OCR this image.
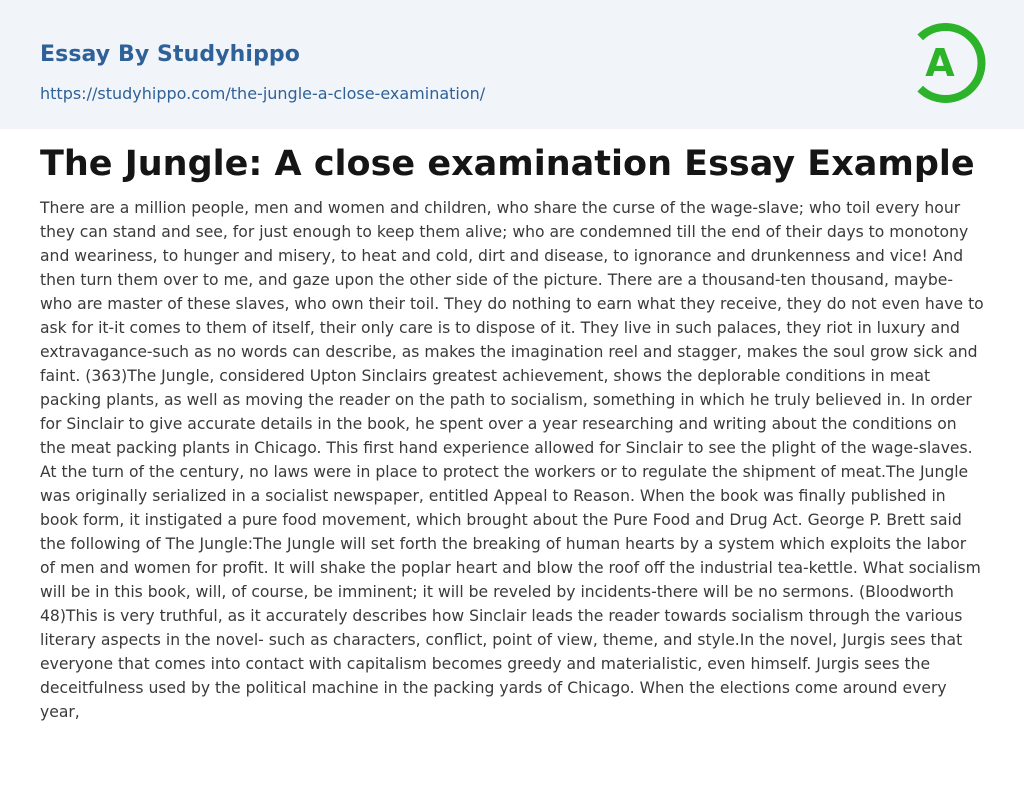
Essay By Studyhippo
https://studyhippo.com/the-jungle-a-close-examination/
A
The Jungle: A close examination Essay Example

There are a million people, men and women and children, who share the curse of the wage-slave; who toil every hour they can stand and see, for just enough to keep them alive; who are condemned till the end of their days to monotony and weariness, to hunger and misery, to heat and cold, dirt and disease, to ignorance and drunkenness and vice! And then turn them over to me, and gaze upon the other side of the picture. There are a thousand-ten thousand, maybe-who are master of these slaves, who own their toil. They do nothing to earn what they receive, they do not even have to ask for it-it comes to them of itself, their only care is to dispose of it. They live in such palaces, they riot in luxury and extravagance-such as no words can describe, as makes the imagination reel and stagger, makes the soul grow sick and faint. (363)The Jungle, considered Upton Sinclairs greatest achievement, shows the deplorable conditions in meat packing plants, as well as moving the reader on the path to socialism, something in which he truly believed in. In order for Sinclair to give accurate details in the book, he spent over a year researching and writing about the conditions on the meat packing plants in Chicago. This first hand experience allowed for Sinclair to see the plight of the wage-slaves. At the turn of the century, no laws were in place to protect the workers or to regulate the shipment of meat.The Jungle was originally serialized in a socialist newspaper, entitled Appeal to Reason. When the book was finally published in book form, it instigated a pure food movement, which brought about the Pure Food and Drug Act. George P. Brett said the following of The Jungle:The Jungle will set forth the breaking of human hearts by a system which exploits the labor of men and women for profit. It will shake the poplar heart and blow the roof off the industrial tea-kettle. What socialism will be in this book, will, of course, be imminent; it will be reveled by incidents-there will be no sermons. (Bloodworth 48)This is very truthful, as it accurately describes how Sinclair leads the reader towards socialism through the various literary aspects in the novel- such as characters, conflict, point of view, theme, and style.In the novel, Jurgis sees that everyone that comes into contact with capitalism becomes greedy and materialistic, even himself. Jurgis sees the deceitfulness used by the political machine in the packing yards of Chicago. When the elections come around every year,
